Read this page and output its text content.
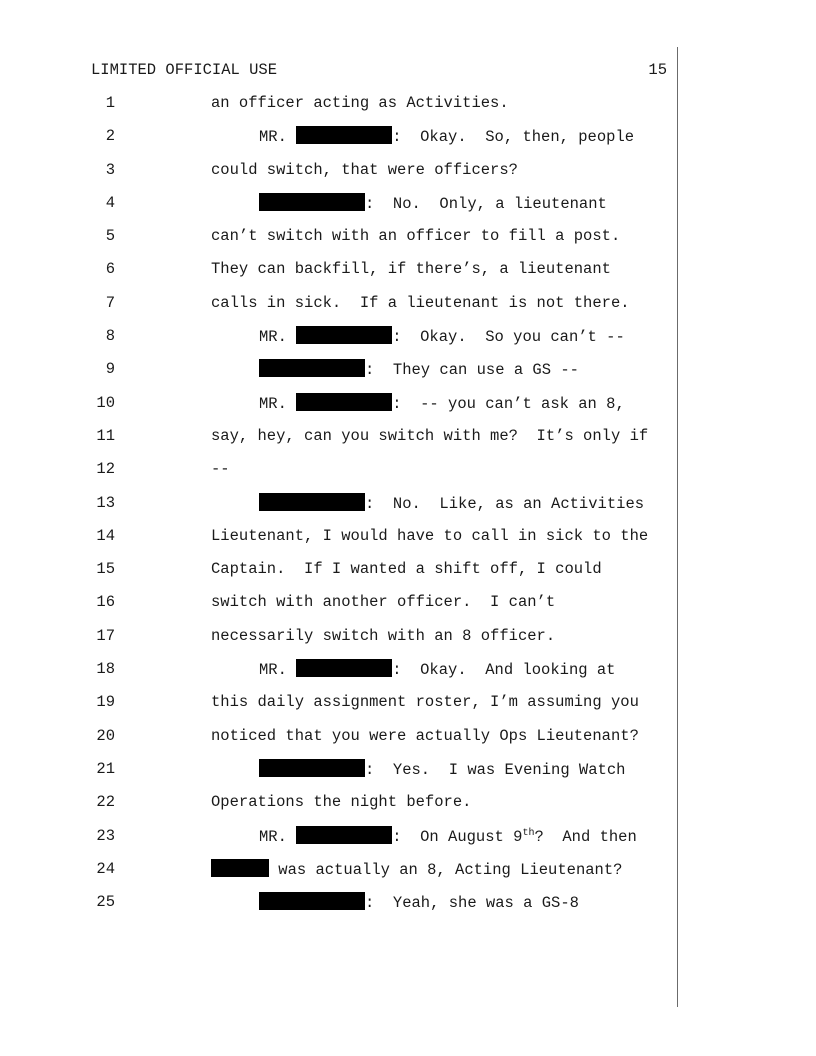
LIMITED OFFICIAL USE	15
1	an officer acting as Activities.
2	MR.	:  Okay.  So, then, people
3	could switch, that were officers?
4	:  No.  Only, a lieutenant
5	can’t switch with an officer to fill a post.
6	They can backfill, if there’s, a lieutenant
7	calls in sick.  If a lieutenant is not there.
8	MR.	:  Okay.  So you can’t --
9	:  They can use a GS --
10	MR.	:  -- you can’t ask an 8,
11	say, hey, can you switch with me?  It’s only if
12	--
13	:  No.  Like, as an Activities
14	Lieutenant, I would have to call in sick to the
15	Captain.  If I wanted a shift off, I could
16	switch with another officer.  I can’t
17	necessarily switch with an 8 officer.
18	MR.	:  Okay.  And looking at
19	this daily assignment roster, I’m assuming you
20	noticed that you were actually Ops Lieutenant?
21	:  Yes.  I was Evening Watch
22	Operations the night before.
23	MR.	:  On August 9th?  And then
24	was actually an 8, Acting Lieutenant?
25	:  Yeah, she was a GS-8
